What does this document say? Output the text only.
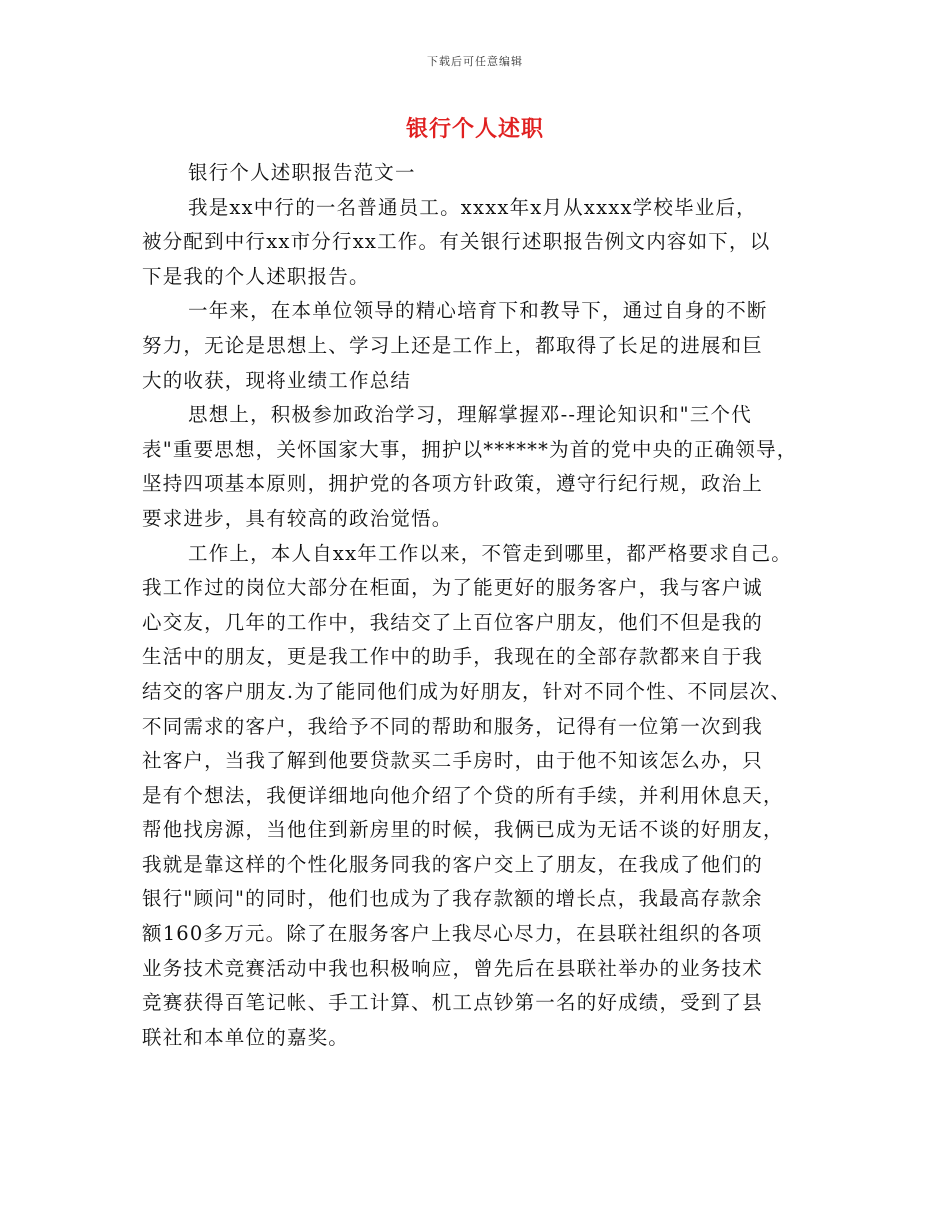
下载后可任意编辑
银行个人述职
银行个人述职报告范文一
我是xx中行的一名普通员工。xxxx年x月从xxxx学校毕业后，
被分配到中行xx市分行xx工作。有关银行述职报告例文内容如下，以
下是我的个人述职报告。
一年来，在本单位领导的精心培育下和教导下，通过自身的不断
努力，无论是思想上、学习上还是工作上，都取得了长足的进展和巨
大的收获，现将业绩工作总结
思想上，积极参加政治学习，理解掌握邓--理论知识和"三个代
表"重要思想，关怀国家大事，拥护以******为首的党中央的正确领导，
坚持四项基本原则，拥护党的各项方针政策，遵守行纪行规，政治上
要求进步，具有较高的政治觉悟。
工作上，本人自xx年工作以来，不管走到哪里，都严格要求自己。
我工作过的岗位大部分在柜面，为了能更好的服务客户，我与客户诚
心交友，几年的工作中，我结交了上百位客户朋友，他们不但是我的
生活中的朋友，更是我工作中的助手，我现在的全部存款都来自于我
结交的客户朋友.为了能同他们成为好朋友，针对不同个性、不同层次、
不同需求的客户，我给予不同的帮助和服务，记得有一位第一次到我
社客户，当我了解到他要贷款买二手房时，由于他不知该怎么办，只
是有个想法，我便详细地向他介绍了个贷的所有手续，并利用休息天，
帮他找房源，当他住到新房里的时候，我俩已成为无话不谈的好朋友，
我就是靠这样的个性化服务同我的客户交上了朋友，在我成了他们的
银行"顾问"的同时，他们也成为了我存款额的增长点，我最高存款余
额160多万元。除了在服务客户上我尽心尽力，在县联社组织的各项
业务技术竞赛活动中我也积极响应，曾先后在县联社举办的业务技术
竞赛获得百笔记帐、手工计算、机工点钞第一名的好成绩，受到了县
联社和本单位的嘉奖。
